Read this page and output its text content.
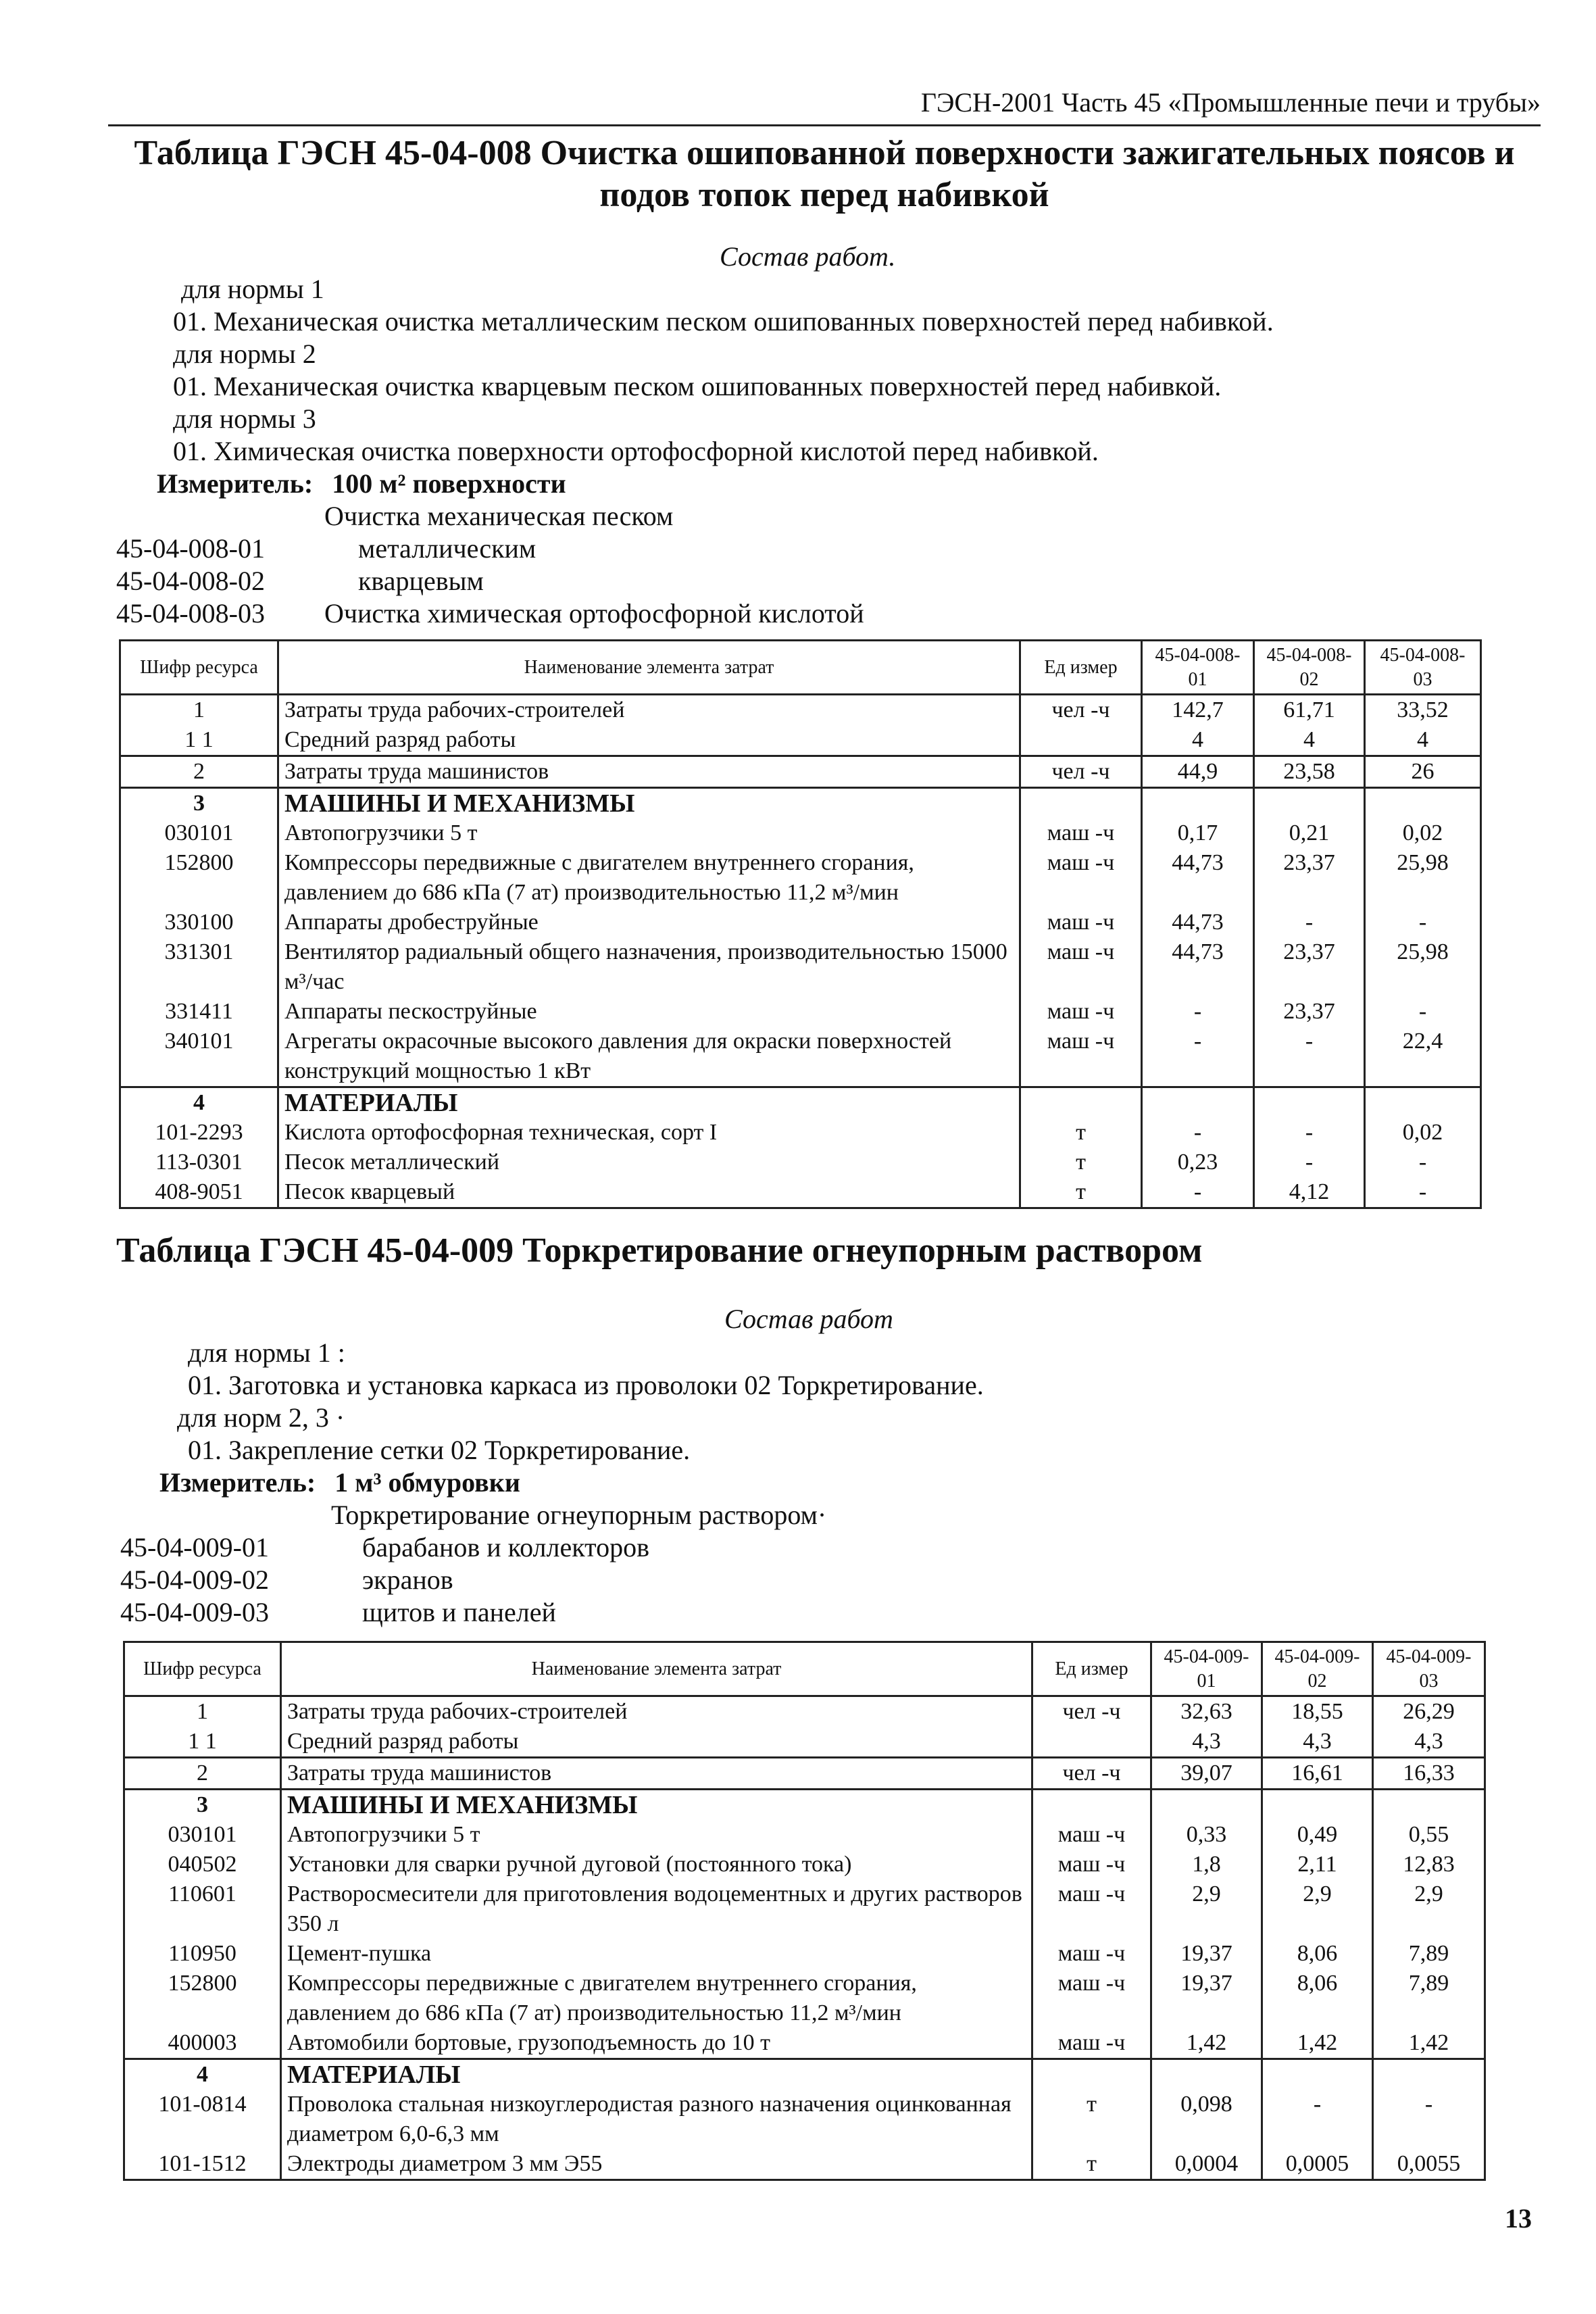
ГЭСН-2001 Часть 45 «Промышленные печи и трубы»
Таблица ГЭСН 45-04-008 Очистка ошипованной поверхности зажигательных поясов и
подов топок перед набивкой
Состав работ.
для нормы 1
01. Механическая очистка металлическим песком ошипованных поверхностей перед набивкой.
для нормы 2
01. Механическая очистка кварцевым песком ошипованных поверхностей перед набивкой.
для нормы 3
01. Химическая очистка поверхности ортофосфорной кислотой перед набивкой.
Измеритель: 100 м² поверхности
Очистка механическая песком
45-04-008-01	металлическим
45-04-008-02	кварцевым
45-04-008-03 Очистка химическая ортофосфорной кислотой
Шифр ресурса	Наименование элемента затрат	Ед измер	45-04-008-01	45-04-008-02	45-04-008-03
1	Затраты труда рабочих-строителей	чел -ч	142,7	61,71	33,52
1 1	Средний разряд работы		4	4	4
2	Затраты труда машинистов	чел -ч	44,9	23,58	26
3	МАШИНЫ И МЕХАНИЗМЫ				
030101	Автопогрузчики 5 т	маш -ч	0,17	0,21	0,02
152800	Компрессоры передвижные с двигателем внутреннего сгорания, давлением до 686 кПа (7 ат) производительностью 11,2 м³/мин	маш -ч	44,73	23,37	25,98
330100	Аппараты дробеструйные	маш -ч	44,73	-	-
331301	Вентилятор радиальный общего назначения, производительностью 15000 м³/час	маш -ч	44,73	23,37	25,98
331411	Аппараты пескоструйные	маш -ч	-	23,37	-
340101	Агрегаты окрасочные высокого давления для окраски поверхностей конструкций мощностью 1 кВт	маш -ч	-	-	22,4
4	МАТЕРИАЛЫ				
101-2293	Кислота ортофосфорная техническая, сорт I	т	-	-	0,02
113-0301	Песок металлический	т	0,23	-	-
408-9051	Песок кварцевый	т	-	4,12	-
Таблица ГЭСН 45-04-009 Торкретирование огнеупорным раствором
Состав работ
для нормы 1 :
01. Заготовка и установка каркаса из проволоки 02 Торкретирование.
для норм 2, 3 ·
01. Закрепление сетки 02 Торкретирование.
Измеритель: 1 м³ обмуровки
Торкретирование огнеупорным раствором·
45-04-009-01	барабанов и коллекторов
45-04-009-02	экранов
45-04-009-03	щитов и панелей
Шифр ресурса	Наименование элемента затрат	Ед измер	45-04-009-01	45-04-009-02	45-04-009-03
1	Затраты труда рабочих-строителей	чел -ч	32,63	18,55	26,29
1 1	Средний разряд работы		4,3	4,3	4,3
2	Затраты труда машинистов	чел -ч	39,07	16,61	16,33
3	МАШИНЫ И МЕХАНИЗМЫ				
030101	Автопогрузчики 5 т	маш -ч	0,33	0,49	0,55
040502	Установки для сварки ручной дуговой (постоянного тока)	маш -ч	1,8	2,11	12,83
110601	Растворосмесители для приготовления водоцементных и других растворов 350 л	маш -ч	2,9	2,9	2,9
110950	Цемент-пушка	маш -ч	19,37	8,06	7,89
152800	Компрессоры передвижные с двигателем внутреннего сгорания, давлением до 686 кПа (7 ат) производительностью 11,2 м³/мин	маш -ч	19,37	8,06	7,89
400003	Автомобили бортовые, грузоподъемность до 10 т	маш -ч	1,42	1,42	1,42
4	МАТЕРИАЛЫ				
101-0814	Проволока стальная низкоуглеродистая разного назначения оцинкованная диаметром 6,0-6,3 мм	т	0,098	-	-
101-1512	Электроды диаметром 3 мм Э55	т	0,0004	0,0005	0,0055
13
